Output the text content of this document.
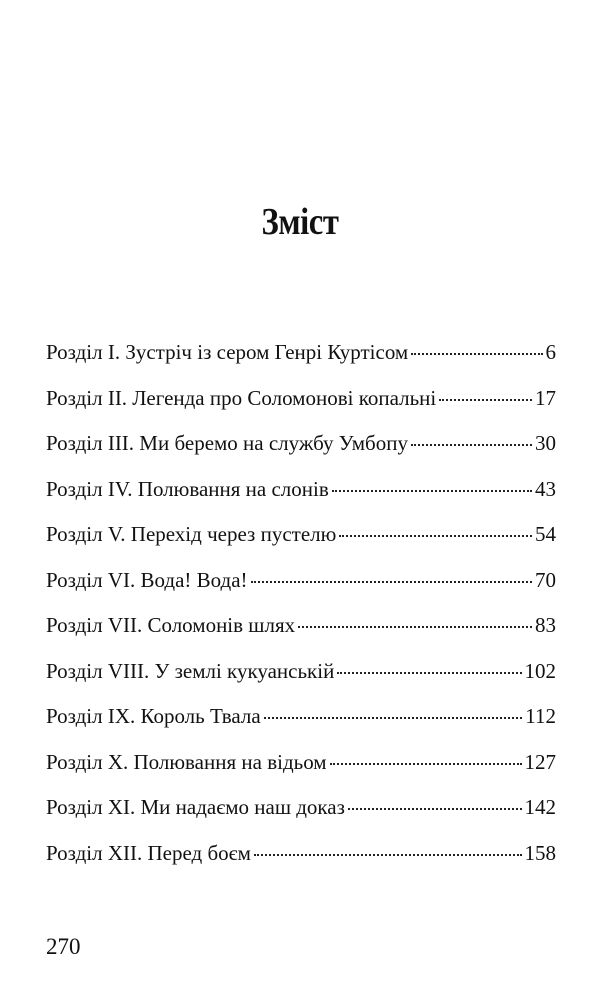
Зміст
Розділ I. Зустріч із сером Генрі Куртісом	6
Розділ II. Легенда про Соломонові копальні	17
Розділ III. Ми беремо на службу Умбопу	30
Розділ IV. Полювання на слонів	43
Розділ V. Перехід через пустелю	54
Розділ VI. Вода! Вода!	70
Розділ VII. Соломонів шлях	83
Розділ VIII. У землі кукуанській	102
Розділ IX. Король Твала	112
Розділ X. Полювання на відьом	127
Розділ XI. Ми надаємо наш доказ	142
Розділ XII. Перед боєм	158
270
